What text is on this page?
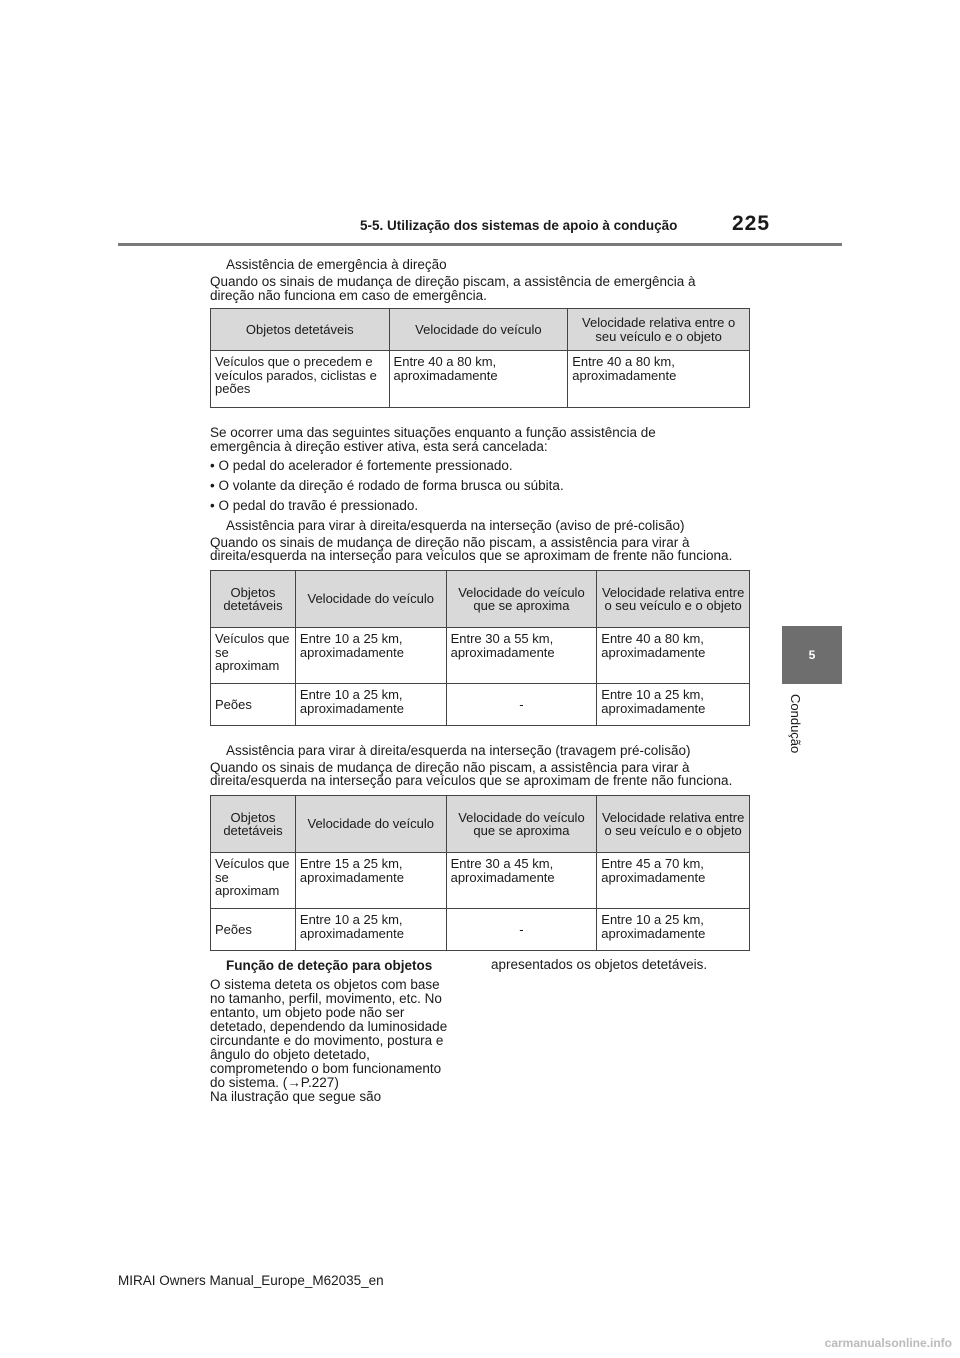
5-5. Utilização dos sistemas de apoio à condução	225
5
Condução
Assistência de emergência à direção
Quando os sinais de mudança de direção piscam, a assistência de emergência à
direção não funciona em caso de emergência.
Objetos detetáveis	Velocidade do veículo	Velocidade relativa entre o seu veículo e o objeto
Veículos que o precedem e veículos parados, ciclistas e peões	Entre 40 a 80 km, aproximadamente	Entre 40 a 80 km, aproximadamente
Se ocorrer uma das seguintes situações enquanto a função assistência de
emergência à direção estiver ativa, esta será cancelada:
• O pedal do acelerador é fortemente pressionado.
• O volante da direção é rodado de forma brusca ou súbita.
• O pedal do travão é pressionado.
Assistência para virar à direita/esquerda na interseção (aviso de pré-colisão)
Quando os sinais de mudança de direção não piscam, a assistência para virar à
direita/esquerda na interseção para veículos que se aproximam de frente não funciona.
Objetos detetáveis	Velocidade do veículo	Velocidade do veículo que se aproxima	Velocidade relativa entre o seu veículo e o objeto
Veículos que se aproximam	Entre 10 a 25 km, aproximadamente	Entre 30 a 55 km, aproximadamente	Entre 40 a 80 km, aproximadamente
Peões	Entre 10 a 25 km, aproximadamente	-	Entre 10 a 25 km, aproximadamente
Assistência para virar à direita/esquerda na interseção (travagem pré-colisão)
Quando os sinais de mudança de direção não piscam, a assistência para virar à
direita/esquerda na interseção para veículos que se aproximam de frente não funciona.
Objetos detetáveis	Velocidade do veículo	Velocidade do veículo que se aproxima	Velocidade relativa entre o seu veículo e o objeto
Veículos que se aproximam	Entre 15 a 25 km, aproximadamente	Entre 30 a 45 km, aproximadamente	Entre 45 a 70 km, aproximadamente
Peões	Entre 10 a 25 km, aproximadamente	-	Entre 10 a 25 km, aproximadamente
Função de deteção para objetos
O sistema deteta os objetos com base
no tamanho, perfil, movimento, etc. No
entanto, um objeto pode não ser
detetado, dependendo da luminosidade
circundante e do movimento, postura e
ângulo do objeto detetado,
comprometendo o bom funcionamento
do sistema. (→P.227)
Na ilustração que segue são
apresentados os objetos detetáveis.
MIRAI Owners Manual_Europe_M62035_en
carmanualsonline.info
